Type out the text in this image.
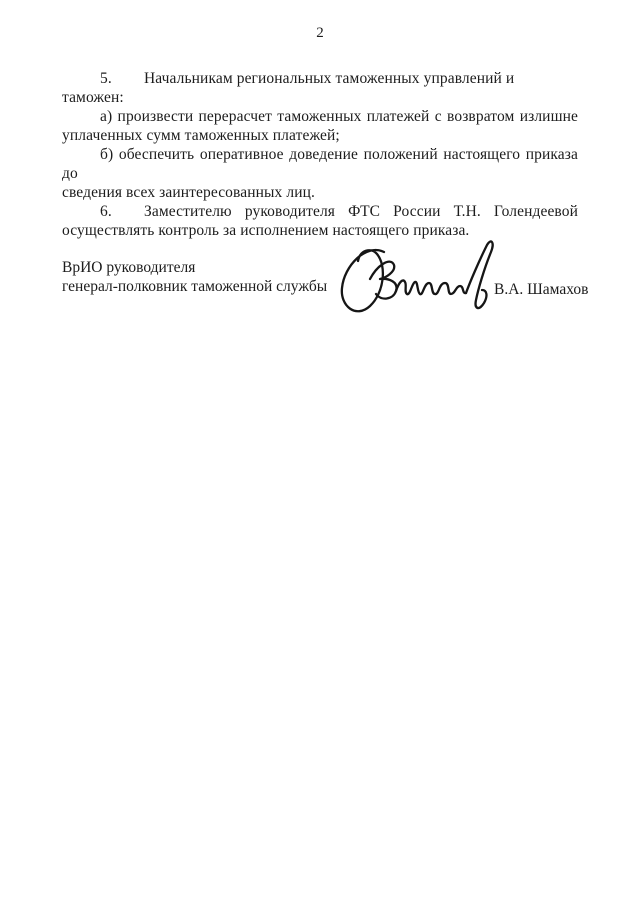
2
5. Начальникам региональных таможенных управлений и таможен:
а) произвести перерасчет таможенных платежей с возвратом излишне
уплаченных сумм таможенных платежей;
б) обеспечить оперативное доведение положений настоящего приказа до
сведения всех заинтересованных лиц.
6. Заместителю руководителя ФТС России Т.Н. Голендеевой
осуществлять контроль за исполнением настоящего приказа.
ВрИО руководителя
генерал-полковник таможенной службы	В.А. Шамахов
